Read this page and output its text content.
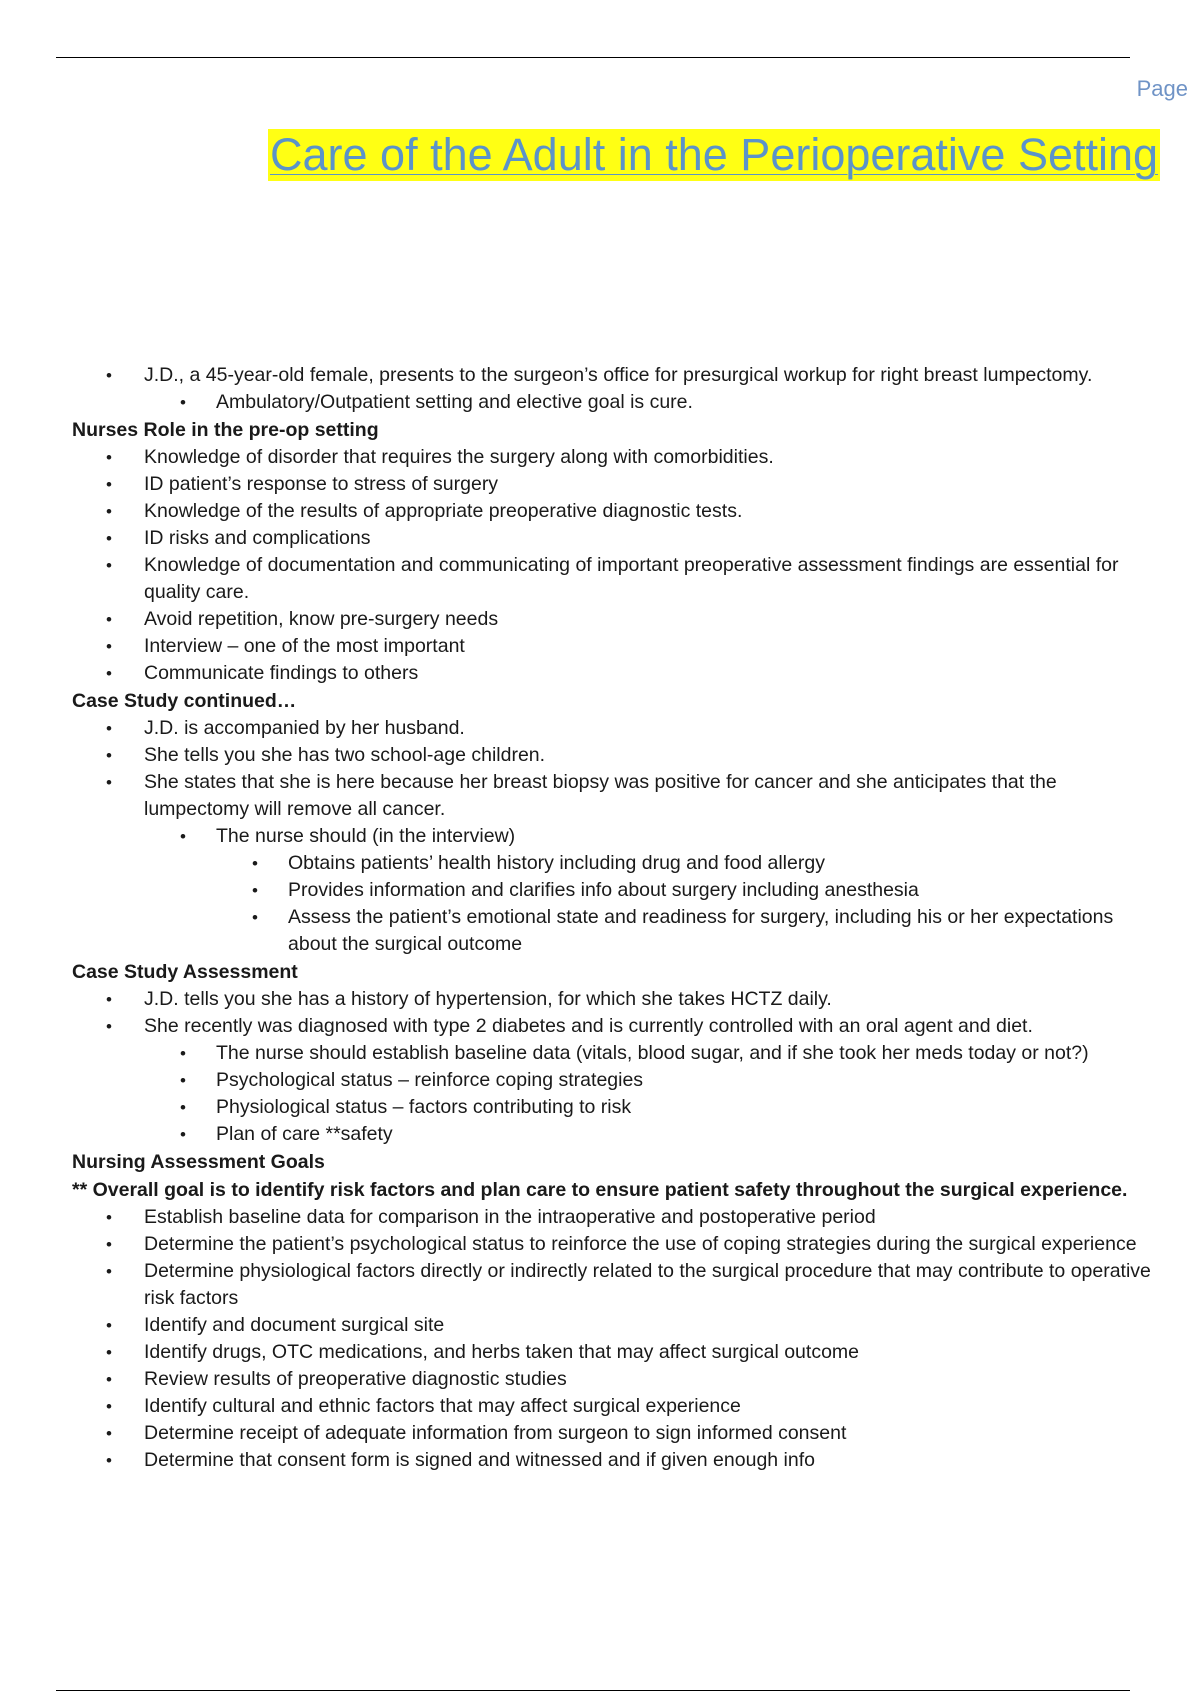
Page
Care of the Adult in the Perioperative Setting
• J.D., a 45-year-old female, presents to the surgeon’s office for presurgical workup for right breast lumpectomy.
• Ambulatory/Outpatient setting and elective goal is cure.

Nurses Role in the pre-op setting

• Knowledge of disorder that requires the surgery along with comorbidities.
• ID patient’s response to stress of surgery
• Knowledge of the results of appropriate preoperative diagnostic tests.
• ID risks and complications
• Knowledge of documentation and communicating of important preoperative assessment findings are essential for quality care.
• Avoid repetition, know pre-surgery needs
• Interview – one of the most important
• Communicate findings to others

Case Study continued…

• J.D. is accompanied by her husband.
• She tells you she has two school-age children.
• She states that she is here because her breast biopsy was positive for cancer and she anticipates that the lumpectomy will remove all cancer.
• The nurse should (in the interview)
• Obtains patients’ health history including drug and food allergy
• Provides information and clarifies info about surgery including anesthesia
• Assess the patient’s emotional state and readiness for surgery, including his or her expectations about the surgical outcome

Case Study Assessment

• J.D. tells you she has a history of hypertension, for which she takes HCTZ daily.
• She recently was diagnosed with type 2 diabetes and is currently controlled with an oral agent and diet.
• The nurse should establish baseline data (vitals, blood sugar, and if she took her meds today or not?)
• Psychological status – reinforce coping strategies
• Physiological status – factors contributing to risk
• Plan of care **safety

Nursing Assessment Goals

** Overall goal is to identify risk factors and plan care to ensure patient safety throughout the surgical experience.

• Establish baseline data for comparison in the intraoperative and postoperative period
• Determine the patient’s psychological status to reinforce the use of coping strategies during the surgical experience
• Determine physiological factors directly or indirectly related to the surgical procedure that may contribute to operative risk factors
• Identify and document surgical site
• Identify drugs, OTC medications, and herbs taken that may affect surgical outcome
• Review results of preoperative diagnostic studies
• Identify cultural and ethnic factors that may affect surgical experience
• Determine receipt of adequate information from surgeon to sign informed consent
• Determine that consent form is signed and witnessed and if given enough info
